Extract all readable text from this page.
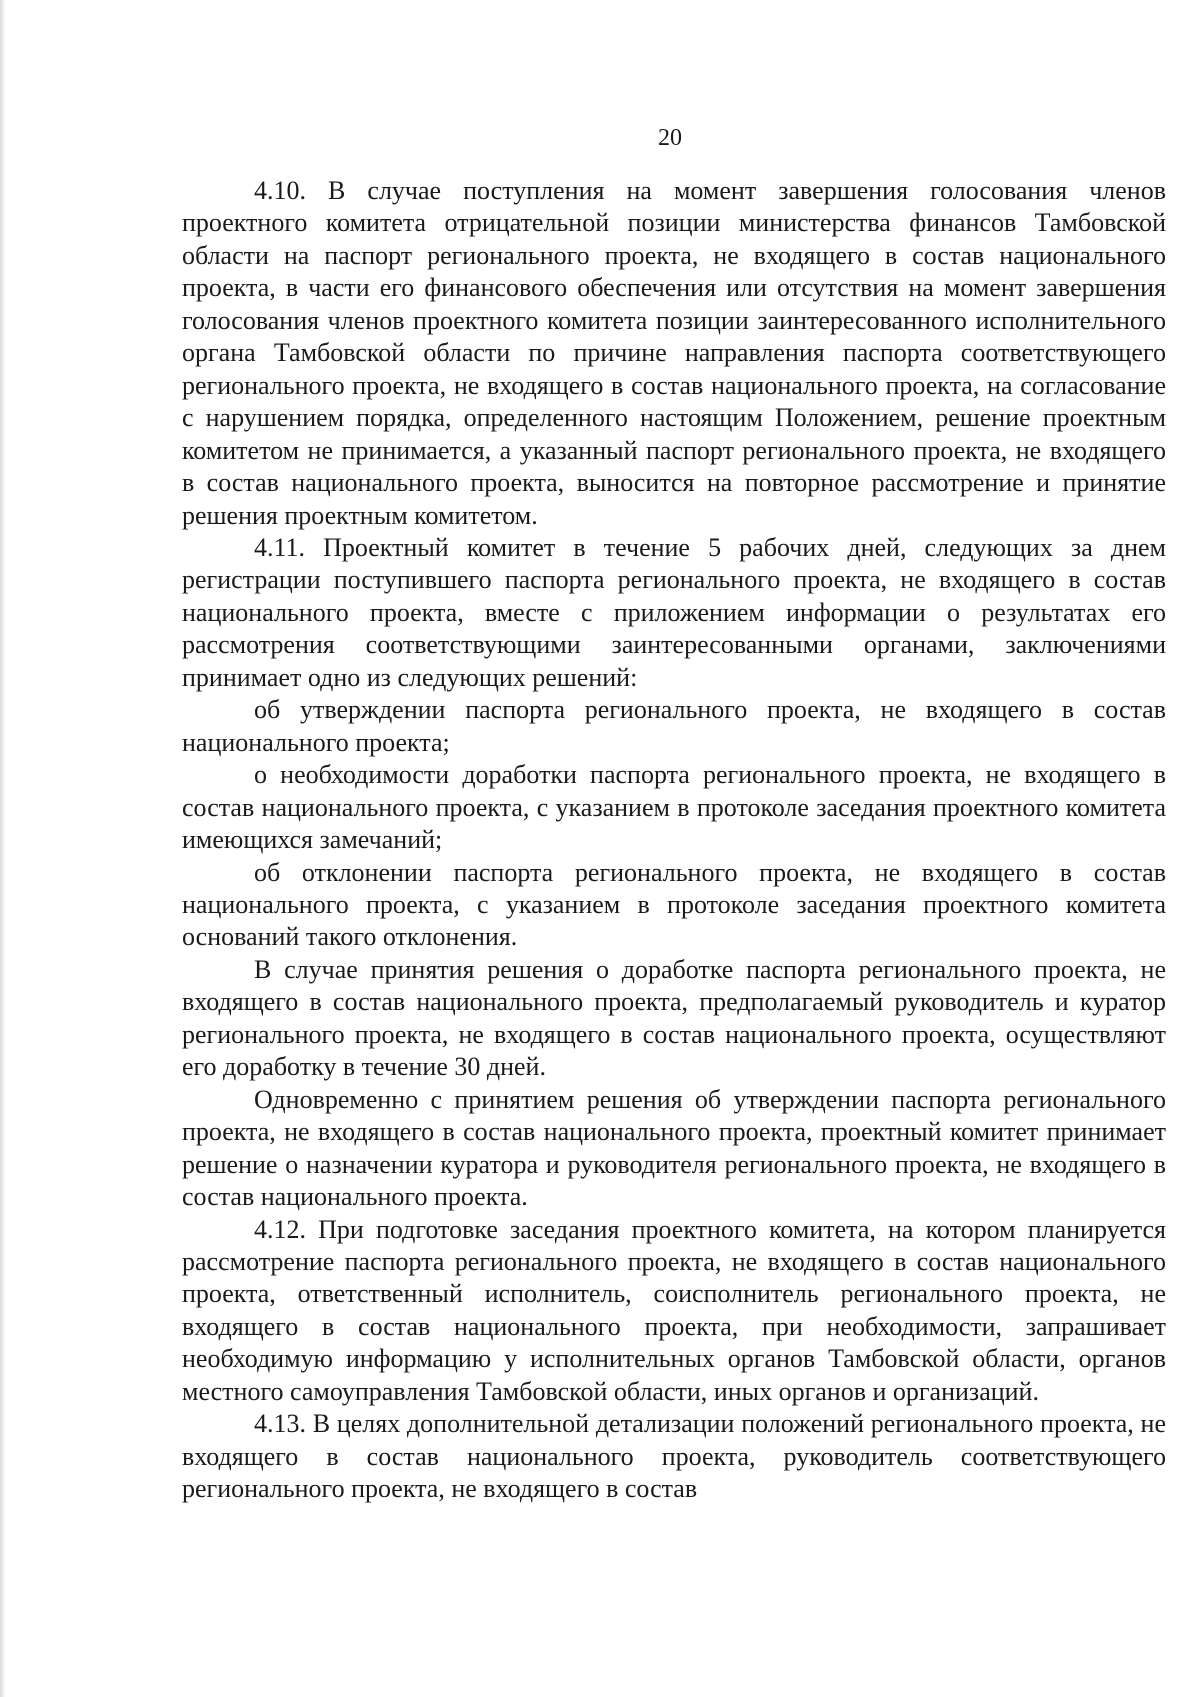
20

4.10. В случае поступления на момент завершения голосования членов проектного комитета отрицательной позиции министерства финансов Тамбовской области на паспорт регионального проекта, не входящего в состав национального проекта, в части его финансового обеспечения или отсутствия на момент завершения голосования членов проектного комитета позиции заинтересованного исполнительного органа Тамбовской области по причине направления паспорта соответствующего регионального проекта, не входящего в состав национального проекта, на согласование с нарушением порядка, определенного настоящим Положением, решение проектным комитетом не принимается, а указанный паспорт регионального проекта, не входящего в состав национального проекта, выносится на повторное рассмотрение и принятие решения проектным комитетом.

4.11. Проектный комитет в течение 5 рабочих дней, следующих за днем регистрации поступившего паспорта регионального проекта, не входящего в состав национального проекта, вместе с приложением информации о результатах его рассмотрения соответствующими заинтересованными органами, заключениями принимает одно из следующих решений:

об утверждении паспорта регионального проекта, не входящего в состав национального проекта;

о необходимости доработки паспорта регионального проекта, не входящего в состав национального проекта, с указанием в протоколе заседания проектного комитета имеющихся замечаний;

об отклонении паспорта регионального проекта, не входящего в состав национального проекта, с указанием в протоколе заседания проектного комитета оснований такого отклонения.

В случае принятия решения о доработке паспорта регионального проекта, не входящего в состав национального проекта, предполагаемый руководитель и куратор регионального проекта, не входящего в состав национального проекта, осуществляют его доработку в течение 30 дней.

Одновременно с принятием решения об утверждении паспорта регионального проекта, не входящего в состав национального проекта, проектный комитет принимает решение о назначении куратора и руководителя регионального проекта, не входящего в состав национального проекта.

4.12. При подготовке заседания проектного комитета, на котором планируется рассмотрение паспорта регионального проекта, не входящего в состав национального проекта, ответственный исполнитель, соисполнитель регионального проекта, не входящего в состав национального проекта, при необходимости, запрашивает необходимую информацию у исполнительных органов Тамбовской области, органов местного самоуправления Тамбовской области, иных органов и организаций.

4.13. В целях дополнительной детализации положений регионального проекта, не входящего в состав национального проекта, руководитель соответствующего регионального проекта, не входящего в состав
